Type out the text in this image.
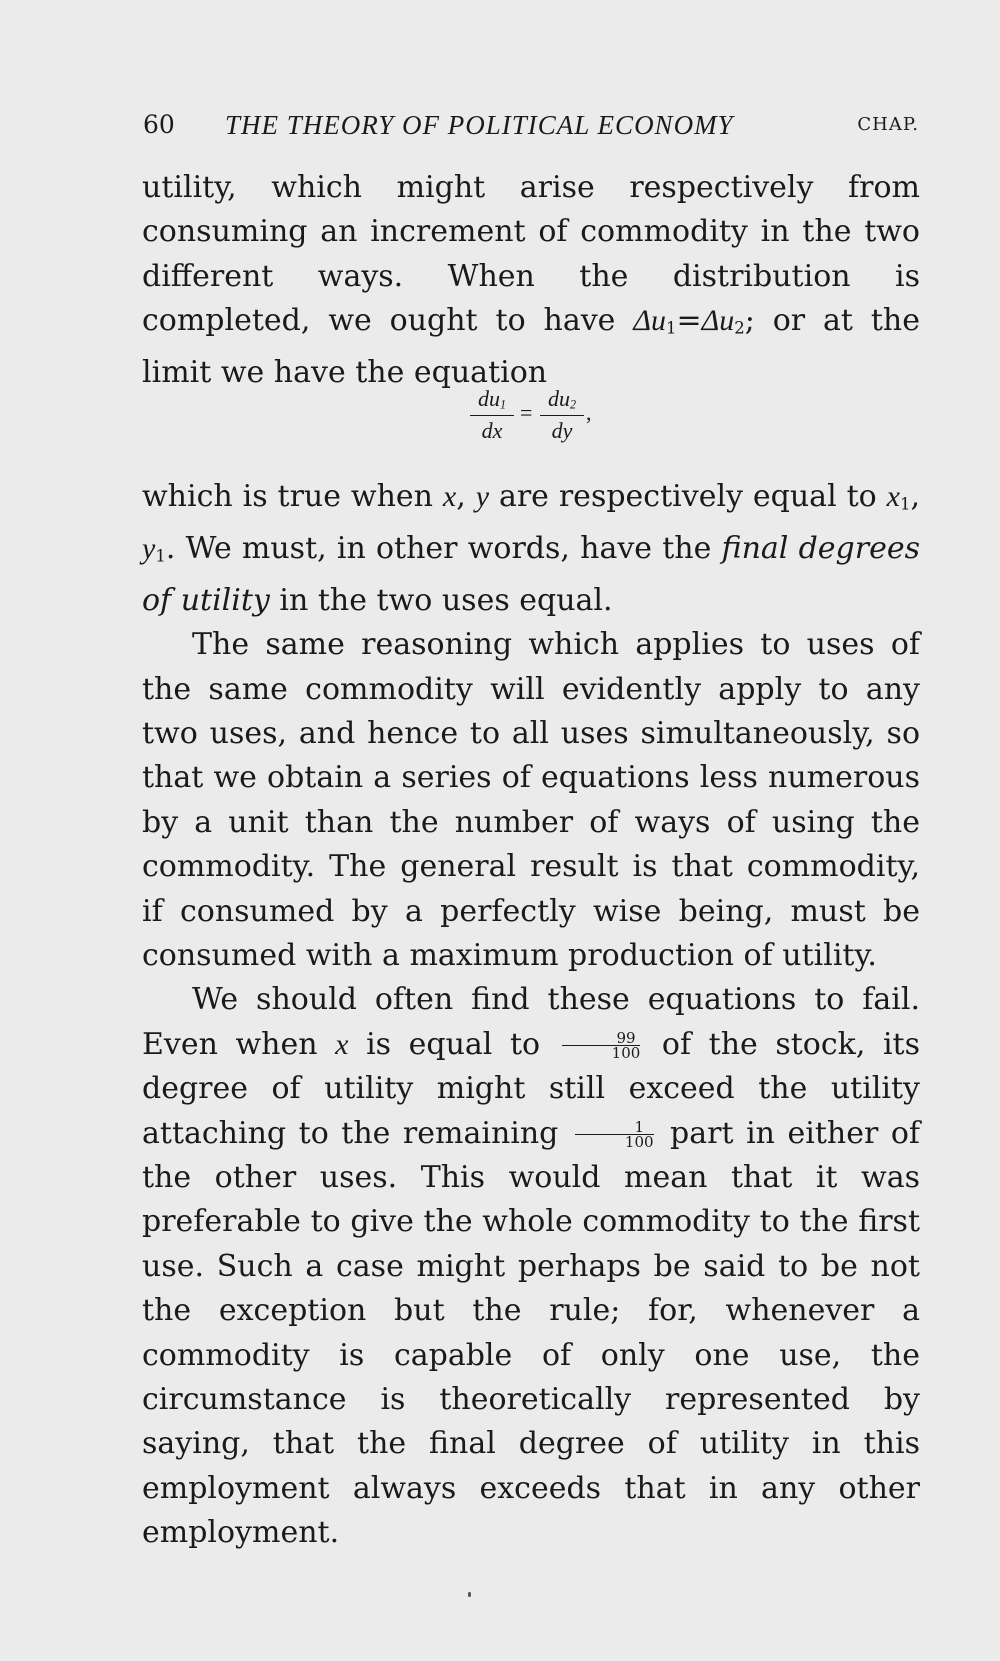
60 THE THEORY OF POLITICAL ECONOMY	CHAP.

utility, which might arise respectively from consuming an increment of commodity in the two different ways. When the distribution is completed, we ought to have $\Delta u_1=\Delta u_2$; or at the limit we have the equation

which is true when x, y are respectively equal to $x_1$, $y_1$. We must, in other words, have the final degrees of utility in the two uses equal.

The same reasoning which applies to uses of the same commodity will evidently apply to any two uses, and hence to all uses simultaneously, so that we obtain a series of equations less numerous by a unit than the number of ways of using the commodity. The general result is that commodity, if consumed by a perfectly wise being, must be consumed with a maximum production of utility.

We should often find these equations to fail. Even when x is equal to $\frac{99}{100}$ of the stock, its degree of utility might still exceed the utility attaching to the remaining $\frac{1}{100}$ part in either of the other uses. This would mean that it was preferable to give the whole commodity to the first use. Such a case might perhaps be said to be not the exception but the rule; for, whenever a commodity is capable of only one use, the circumstance is theoretically represented by saying, that the final degree of utility in this employment always exceeds that in any other employment.

$\frac{du_1}{dx} = \frac{du_2}{dy}$ ,
